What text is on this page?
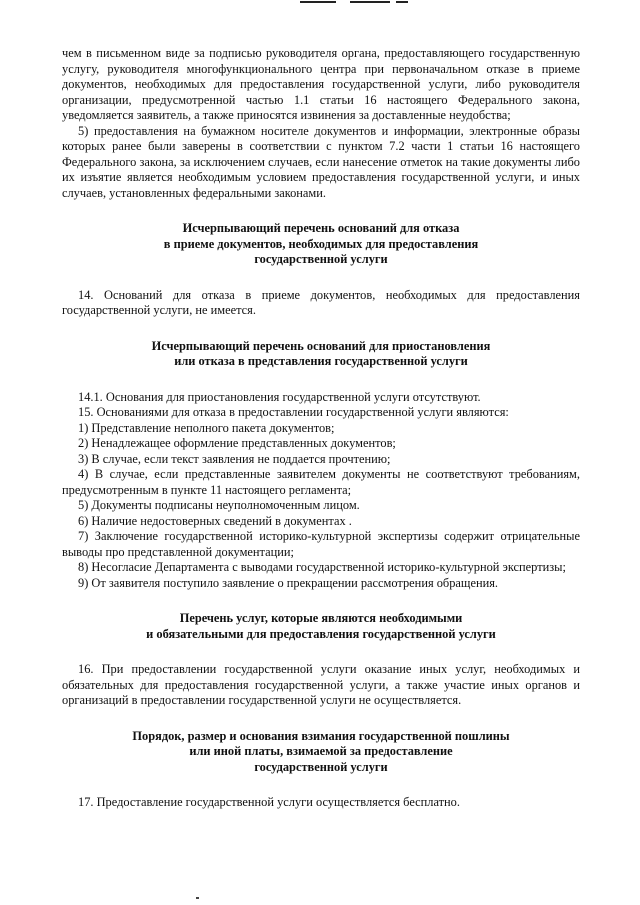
чем в письменном виде за подписью руководителя органа, предоставляющего государственную услугу, руководителя многофункционального центра при первоначальном отказе в приеме документов, необходимых для предоставления государственной услуги, либо руководителя организации, предусмотренной частью 1.1 статьи 16 настоящего Федерального закона, уведомляется заявитель, а также приносятся извинения за доставленные неудобства;

5) предоставления на бумажном носителе документов и информации, электронные образы которых ранее были заверены в соответствии с пунктом 7.2 части 1 статьи 16 настоящего Федерального закона, за исключением случаев, если нанесение отметок на такие документы либо их изъятие является необходимым условием предоставления государственной услуги, и иных случаев, установленных федеральными законами.

Исчерпывающий перечень оснований для отказа
в приеме документов, необходимых для предоставления
государственной услуги

14. Оснований для отказа в приеме документов, необходимых для предоставления государственной услуги, не имеется.

Исчерпывающий перечень оснований для приостановления
или отказа в представления государственной услуги

14.1. Основания для приостановления государственной услуги отсутствуют.

15. Основаниями для отказа в предоставлении государственной услуги являются:

1) Представление неполного пакета документов;

2) Ненадлежащее оформление представленных документов;

3) В случае, если текст заявления не поддается прочтению;

4) В случае, если представленные заявителем документы не соответствуют требованиям, предусмотренным в пункте 11 настоящего регламента;

5) Документы подписаны неуполномоченным лицом.

6) Наличие недостоверных сведений в документах .

7) Заключение государственной историко-культурной экспертизы содержит отрицательные выводы про представленной документации;

8) Несогласие Департамента с выводами государственной историко-культурной экспертизы;

9) От заявителя поступило заявление о прекращении рассмотрения обращения.

Перечень услуг, которые являются необходимыми
и обязательными для предоставления государственной услуги

16. При предоставлении государственной услуги оказание иных услуг, необходимых и обязательных для предоставления государственной услуги, а также участие иных органов и организаций в предоставлении государственной услуги не осуществляется.

Порядок, размер и основания взимания государственной пошлины
или иной платы, взимаемой за предоставление
государственной услуги

17. Предоставление государственной услуги осуществляется бесплатно.
